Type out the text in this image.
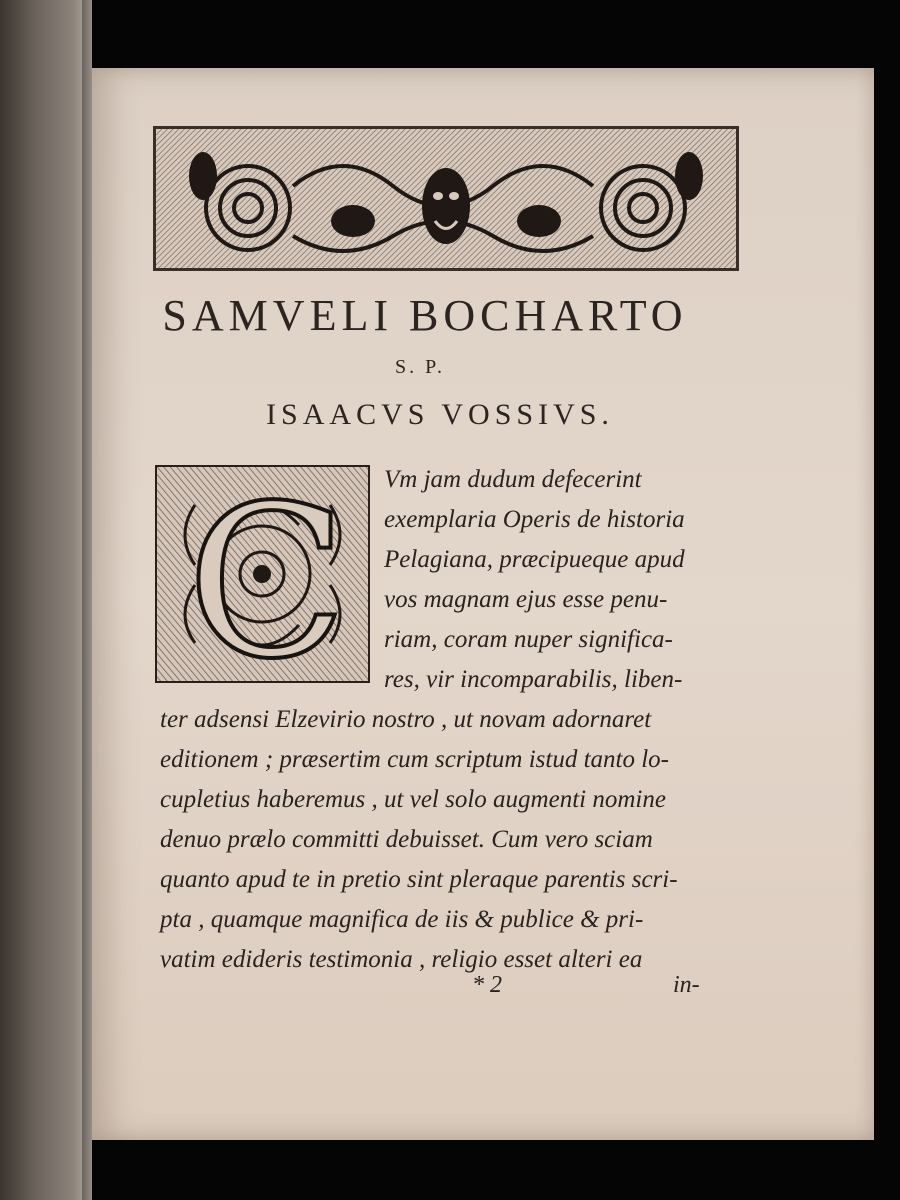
SAMVELI BOCHARTO
S. P.
ISAACVS VOSSIVS.
C Vm jam dudum defecerint
exemplaria Operis de historia
Pelagiana, præcipueque apud
vos magnam ejus esse penu-
riam, coram nuper significa-
res, vir incomparabilis, liben-
ter adsensi Elzevirio nostro , ut novam adornaret
editionem ; præsertim cum scriptum istud tanto lo-
cupletius haberemus , ut vel solo augmenti nomine
denuo prælo committi debuisset. Cum vero sciam
quanto apud te in pretio sint pleraque parentis scri-
pta , quamque magnifica de iis & publice & pri-
vatim edideris testimonia , religio esset alteri ea
* 2	in-
